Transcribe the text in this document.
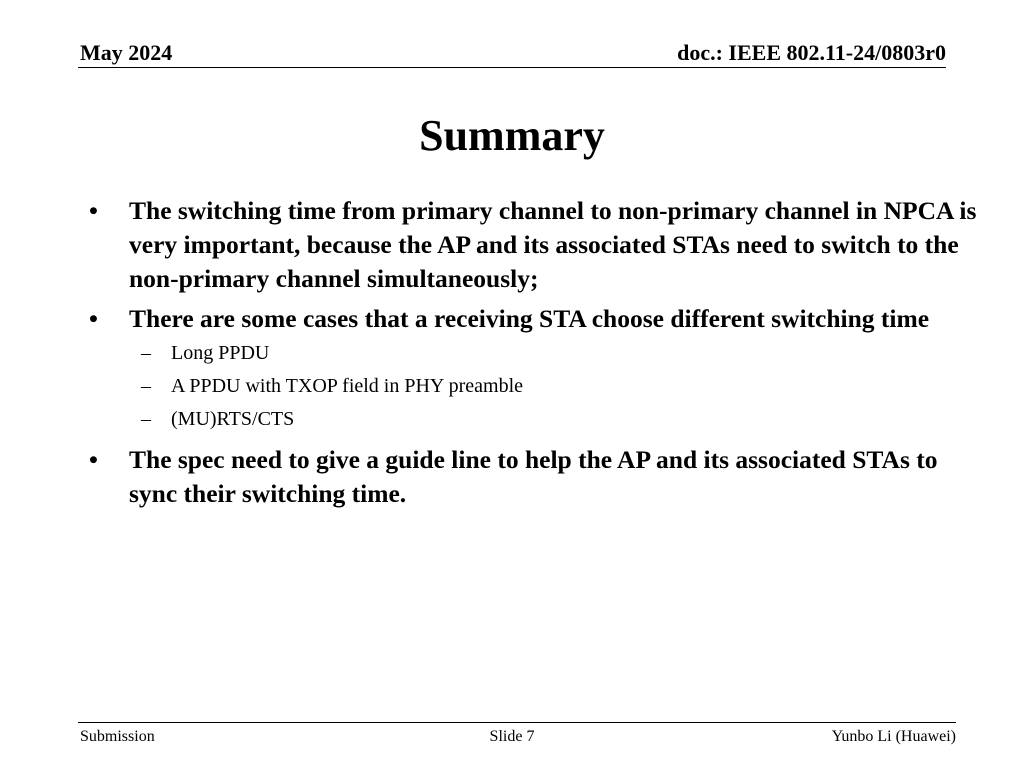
May 2024	doc.: IEEE 802.11-24/0803r0
Summary
•	The switching time from primary channel to non-primary channel in NPCA is very important, because the AP and its associated STAs need to switch to the non-primary channel simultaneously;
•	There are some cases that a receiving STA choose different switching time
–	Long PPDU
–	A PPDU with TXOP field in PHY preamble
–	(MU)RTS/CTS
•	The spec need to give a guide line to help the AP and its associated STAs to sync their switching time.
Submission	Slide 7	Yunbo Li (Huawei)
